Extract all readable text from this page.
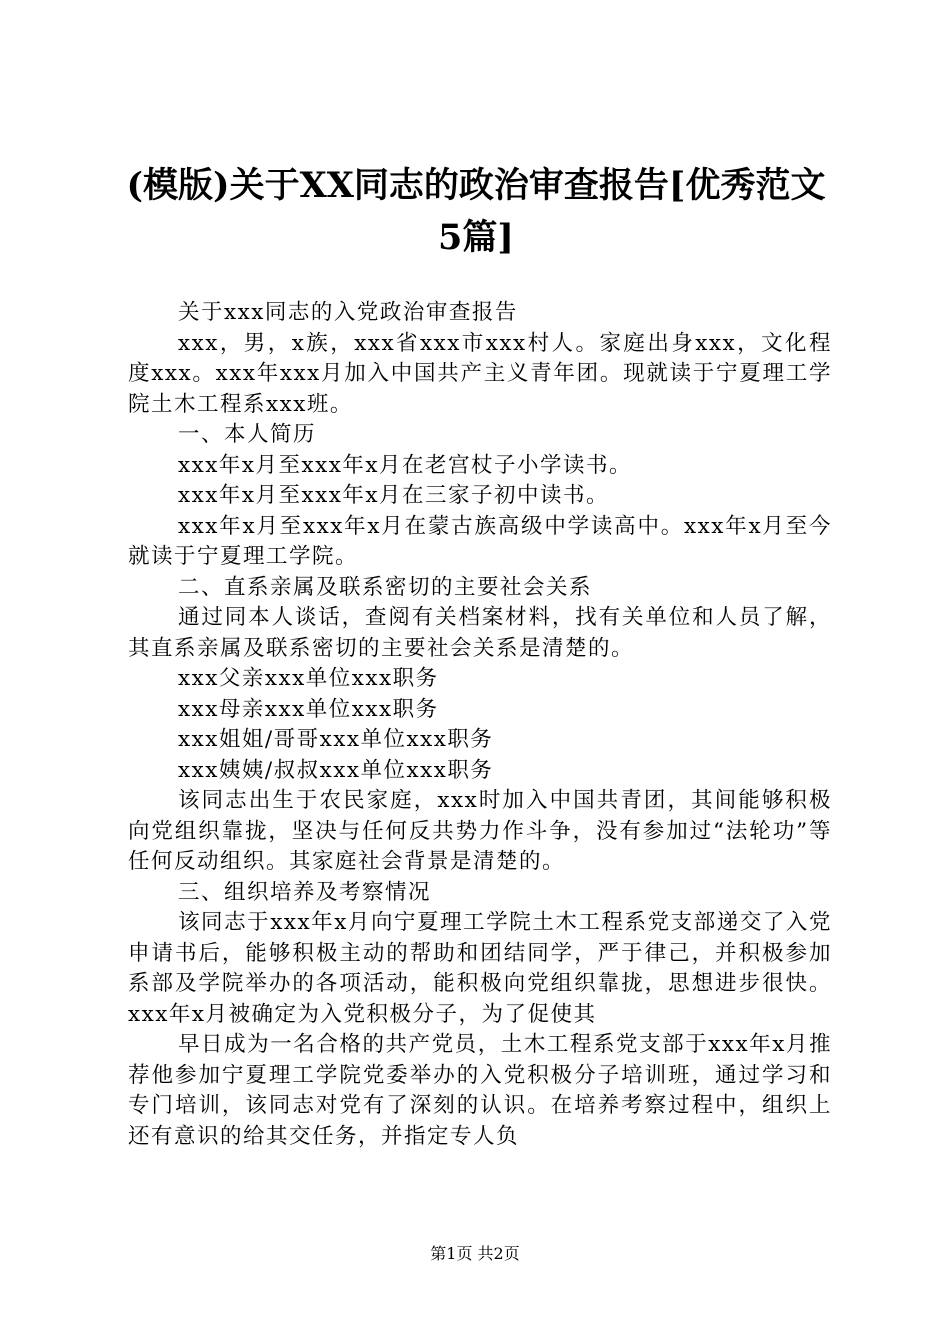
(模版)关于XX同志的政治审查报告[优秀范文5篇]

关于xxx同志的入党政治审查报告

xxx，男，x族，xxx省xxx市xxx村人。家庭出身xxx，文化程度xxx。xxx年xxx月加入中国共产主义青年团。现就读于宁夏理工学院土木工程系xxx班。

一、本人简历

xxx年x月至xxx年x月在老宫杖子小学读书。

xxx年x月至xxx年x月在三家子初中读书。

xxx年x月至xxx年x月在蒙古族高级中学读高中。xxx年x月至今就读于宁夏理工学院。

二、直系亲属及联系密切的主要社会关系

通过同本人谈话，查阅有关档案材料，找有关单位和人员了解，其直系亲属及联系密切的主要社会关系是清楚的。

xxx父亲xxx单位xxx职务

xxx母亲xxx单位xxx职务

xxx姐姐/哥哥xxx单位xxx职务

xxx姨姨/叔叔xxx单位xxx职务

该同志出生于农民家庭，xxx时加入中国共青团，其间能够积极向党组织靠拢，坚决与任何反共势力作斗争，没有参加过“法轮功”等任何反动组织。其家庭社会背景是清楚的。

三、组织培养及考察情况

该同志于xxx年x月向宁夏理工学院土木工程系党支部递交了入党申请书后，能够积极主动的帮助和团结同学，严于律己，并积极参加系部及学院举办的各项活动，能积极向党组织靠拢，思想进步很快。xxx年x月被确定为入党积极分子，为了促使其

早日成为一名合格的共产党员，土木工程系党支部于xxx年x月推荐他参加宁夏理工学院党委举办的入党积极分子培训班，通过学习和专门培训，该同志对党有了深刻的认识。在培养考察过程中，组织上还有意识的给其交任务，并指定专人负

第1页 共2页
